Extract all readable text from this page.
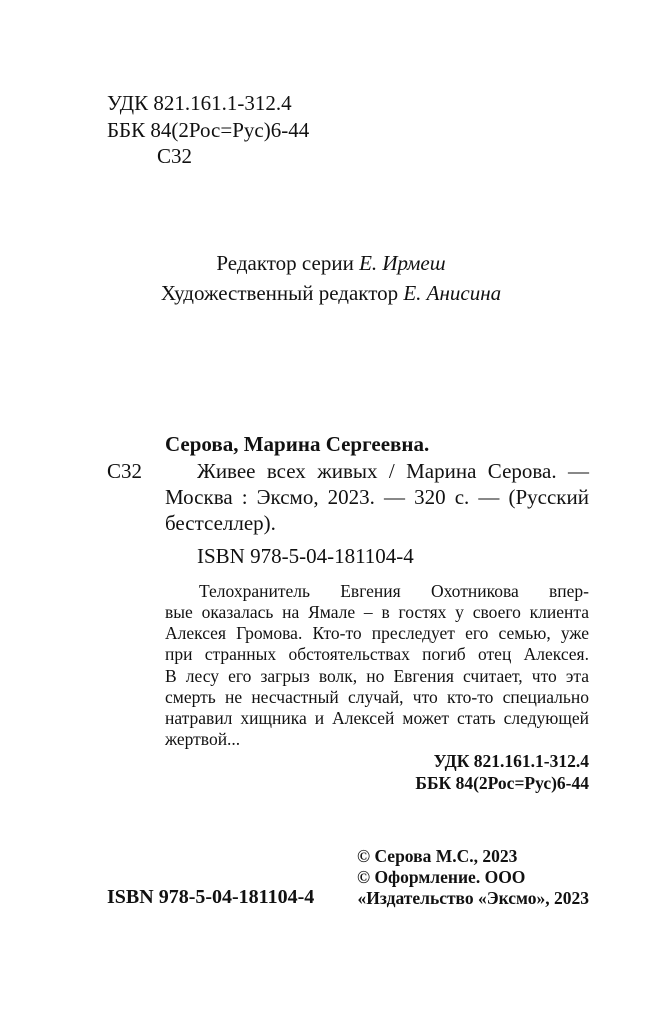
УДК 821.161.1-312.4
ББК 84(2Рос=Рус)6-44
С32
Редактор серии Е. Ирмеш
Художественный редактор Е. Анисина
Серова, Марина Сергеевна.
С32	Живее всех живых / Марина Серова. —
Москва : Эксмо, 2023. — 320 с. — (Русский
бестселлер).
ISBN 978-5-04-181104-4
Телохранитель Евгения Охотникова впер-
вые оказалась на Ямале – в гостях у своего клиента
Алексея Громова. Кто-то преследует его семью, уже
при странных обстоятельствах погиб отец Алексея.
В лесу его загрыз волк, но Евгения считает, что эта
смерть не несчастный случай, что кто-то специально
натравил хищника и Алексей может стать следующей
жертвой...
УДК 821.161.1-312.4
ББК 84(2Рос=Рус)6-44
© Серова М.С., 2023
© Оформление. ООО
«Издательство «Эксмо», 2023
ISBN 978-5-04-181104-4
